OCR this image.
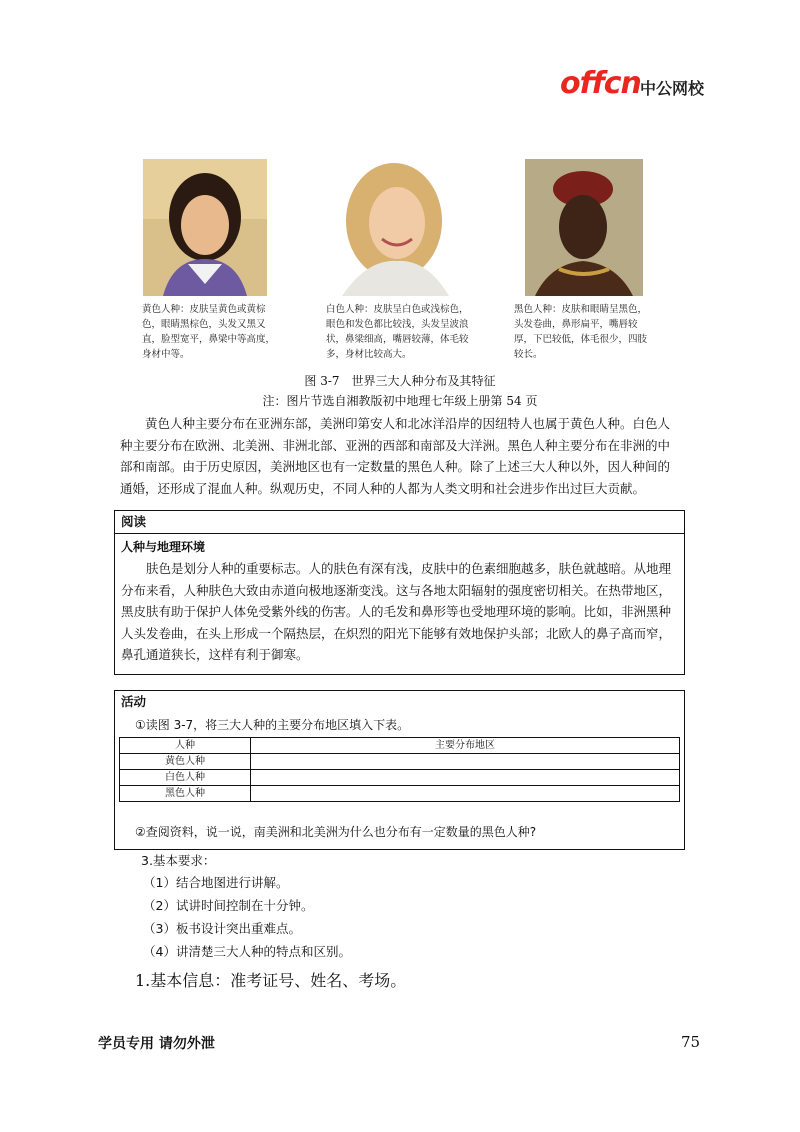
offcn 中公网校
黄色人种：皮肤呈黄色或黄棕色，眼睛黑棕色，头发又黑又直，脸型宽平，鼻梁中等高度，身材中等。
白色人种：皮肤呈白色或浅棕色，眼色和发色都比较浅，头发呈波浪状，鼻梁细高，嘴唇较薄，体毛较多，身材比较高大。
黑色人种：皮肤和眼睛呈黑色，头发卷曲，鼻形扁平，嘴唇较厚，下巴较低，体毛很少，四肢较长。
图 3-7　世界三大人种分布及其特征
注：图片节选自湘教版初中地理七年级上册第 54 页
黄色人种主要分布在亚洲东部，美洲印第安人和北冰洋沿岸的因纽特人也属于黄色人种。白色人种主要分布在欧洲、北美洲、非洲北部、亚洲的西部和南部及大洋洲。黑色人种主要分布在非洲的中部和南部。由于历史原因，美洲地区也有一定数量的黑色人种。除了上述三大人种以外，因人种间的通婚，还形成了混血人种。纵观历史，不同人种的人都为人类文明和社会进步作出过巨大贡献。
阅读
人种与地理环境
肤色是划分人种的重要标志。人的肤色有深有浅，皮肤中的色素细胞越多，肤色就越暗。从地理分布来看，人种肤色大致由赤道向极地逐渐变浅。这与各地太阳辐射的强度密切相关。在热带地区，黑皮肤有助于保护人体免受紫外线的伤害。人的毛发和鼻形等也受地理环境的影响。比如，非洲黑种人头发卷曲，在头上形成一个隔热层，在炽烈的阳光下能够有效地保护头部；北欧人的鼻子高而窄，鼻孔通道狭长，这样有利于御寒。
活动
①读图 3-7，将三大人种的主要分布地区填入下表。
人种	主要分布地区
黄色人种	
白色人种	
黑色人种	
②查阅资料，说一说，南美洲和北美洲为什么也分布有一定数量的黑色人种?
3.基本要求：
（1）结合地图进行讲解。
（2）试讲时间控制在十分钟。
（3）板书设计突出重难点。
（4）讲清楚三大人种的特点和区别。
1.基本信息：准考证号、姓名、考场。
学员专用 请勿外泄	75
